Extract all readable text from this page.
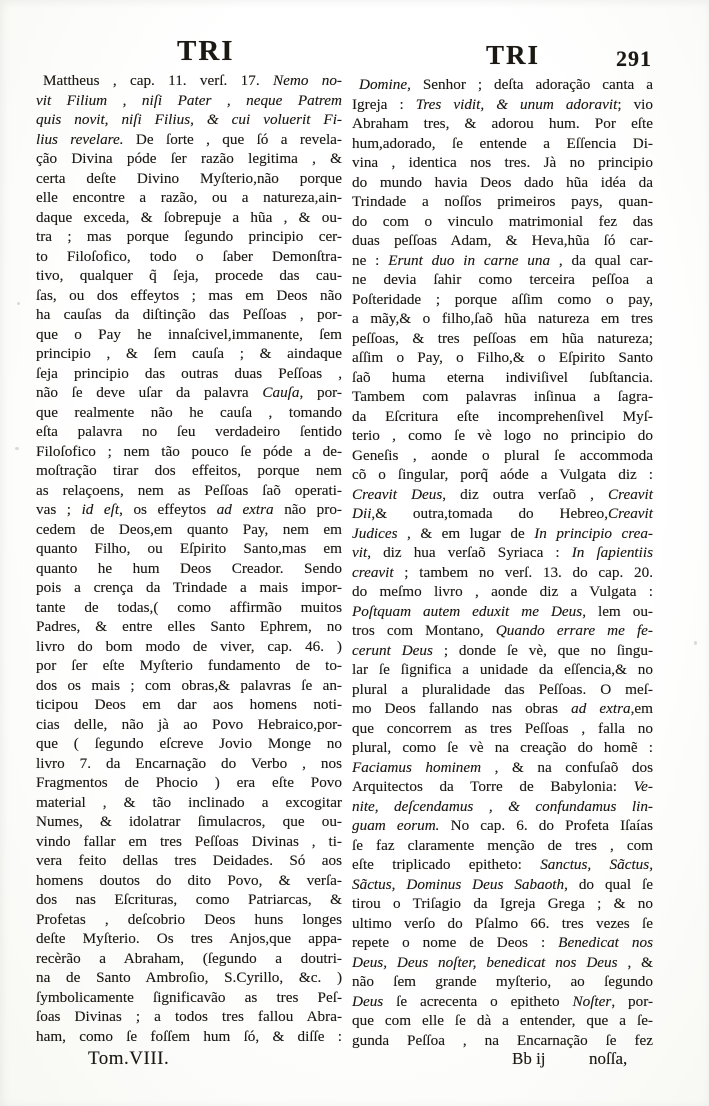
TRI	TRI	291
Mattheus , cap. 11. verſ. 17. Nemo no-
vit Filium , niſi Pater , neque Patrem
quis novit, niſi Filius, & cui voluerit Fi-
lius revelare. De ſorte , que ſó a revela-
ção Divina póde ſer razão legitima , &
certa deſte Divino Myſterio,não porque
elle encontre a razão, ou a natureza,ain-
daque exceda, & ſobrepuje a hũa , & ou-
tra ; mas porque ſegundo principio cer-
to Filoſofico, todo o ſaber Demonſtra-
tivo, qualquer q̃ ſeja, procede das cau-
ſas, ou dos effeytos ; mas em Deos não
ha cauſas da diſtinção das Peſſoas , por-
que o Pay he innaſcivel,immanente, ſem
principio , & ſem cauſa ; & aindaque
ſeja principio das outras duas Peſſoas ,
não ſe deve uſar da palavra Cauſa, por-
que realmente não he cauſa , tomando
eſta palavra no ſeu verdadeiro ſentido
Filoſofico ; nem tão pouco ſe póde a de-
moſtração tirar dos effeitos, porque nem
as relaçoens, nem as Peſſoas ſaõ operati-
vas ; id eſt, os effeytos ad extra não pro-
cedem de Deos,em quanto Pay, nem em
quanto Filho, ou Eſpirito Santo,mas em
quanto he hum Deos Creador. Sendo
pois a crença da Trindade a mais impor-
tante de todas,( como affirmão muitos
Padres, & entre elles Santo Ephrem, no
livro do bom modo de viver, cap. 46. )
por ſer eſte Myſterio fundamento de to-
dos os mais ; com obras,& palavras ſe an-
ticipou Deos em dar aos homens noti-
cias delle, não jà ao Povo Hebraico,por-
que ( ſegundo eſcreve Jovio Monge no
livro 7. da Encarnação do Verbo , nos
Fragmentos de Phocio ) era eſte Povo
material , & tão inclinado a excogitar
Numes, & idolatrar ſimulacros, que ou-
vindo fallar em tres Peſſoas Divinas , ti-
vera feito dellas tres Deidades. Só aos
homens doutos do dito Povo, & verſa-
dos nas Eſcrituras, como Patriarcas, &
Profetas , deſcobrio Deos huns longes
deſte Myſterio. Os tres Anjos,que appa-
recèrão a Abraham, (ſegundo a doutri-
na de Santo Ambroſio, S.Cyrillo, &c. )
ſymbolicamente ſignificavão as tres Peſ-
ſoas Divinas ; a todos tres fallou Abra-
ham, como ſe foſſem hum ſó, & diſſe :
Domine, Senhor ; deſta adoração canta a
Igreja : Tres vidit, & unum adoravit; vio
Abraham tres, & adorou hum. Por eſte
hum,adorado, ſe entende a Eſſencia Di-
vina , identica nos tres. Jà no principio
do mundo havia Deos dado hũa idéa da
Trindade a noſſos primeiros pays, quan-
do com o vinculo matrimonial fez das
duas peſſoas Adam, & Heva,hũa ſó car-
ne : Erunt duo in carne una , da qual car-
ne devia ſahir como terceira peſſoa a
Poſteridade ; porque aſſim como o pay,
a mãy,& o filho,ſaõ hũa natureza em tres
peſſoas, & tres peſſoas em hũa natureza;
aſſim o Pay, o Filho,& o Eſpirito Santo
ſaõ huma eterna indiviſivel ſubſtancia.
Tambem com palavras inſinua a ſagra-
da Eſcritura eſte incomprehenſivel Myſ-
terio , como ſe vè logo no principio do
Geneſis , aonde o plural ſe accommoda
cõ o ſingular, porq̃ aóde a Vulgata diz :
Creavit Deus, diz outra verſaõ , Creavit
Dii,& outra,tomada do Hebreo,Creavit
Judices , & em lugar de In principio crea-
vit, diz hua verſaõ Syriaca : In ſapientiis
creavit ; tambem no verſ. 13. do cap. 20.
do meſmo livro , aonde diz a Vulgata :
Poſtquam autem eduxit me Deus, lem ou-
tros com Montano, Quando errare me fe-
cerunt Deus ; donde ſe vè, que no ſingu-
lar ſe ſignifica a unidade da eſſencia,& no
plural a pluralidade das Peſſoas. O meſ-
mo Deos fallando nas obras ad extra,em
que concorrem as tres Peſſoas , falla no
plural, como ſe vè na creação do homẽ :
Faciamus hominem , & na confuſaõ dos
Arquitectos da Torre de Babylonia: Ve-
nite, deſcendamus , & confundamus lin-
guam eorum. No cap. 6. do Profeta Iſaías
ſe faz claramente menção de tres , com
eſte triplicado epitheto: Sanctus, Sãctus,
Sãctus, Dominus Deus Sabaoth, do qual ſe
tirou o Triſagio da Igreja Grega ; & no
ultimo verſo do Pſalmo 66. tres vezes ſe
repete o nome de Deos : Benedicat nos
Deus, Deus noſter, benedicat nos Deus , &
não ſem grande myſterio, ao ſegundo
Deus ſe acrecenta o epitheto Noſter, por-
que com elle ſe dà a entender, que a ſe-
gunda Peſſoa , na Encarnação ſe fez
Tom.VIII.	Bb ij	noſſa,
